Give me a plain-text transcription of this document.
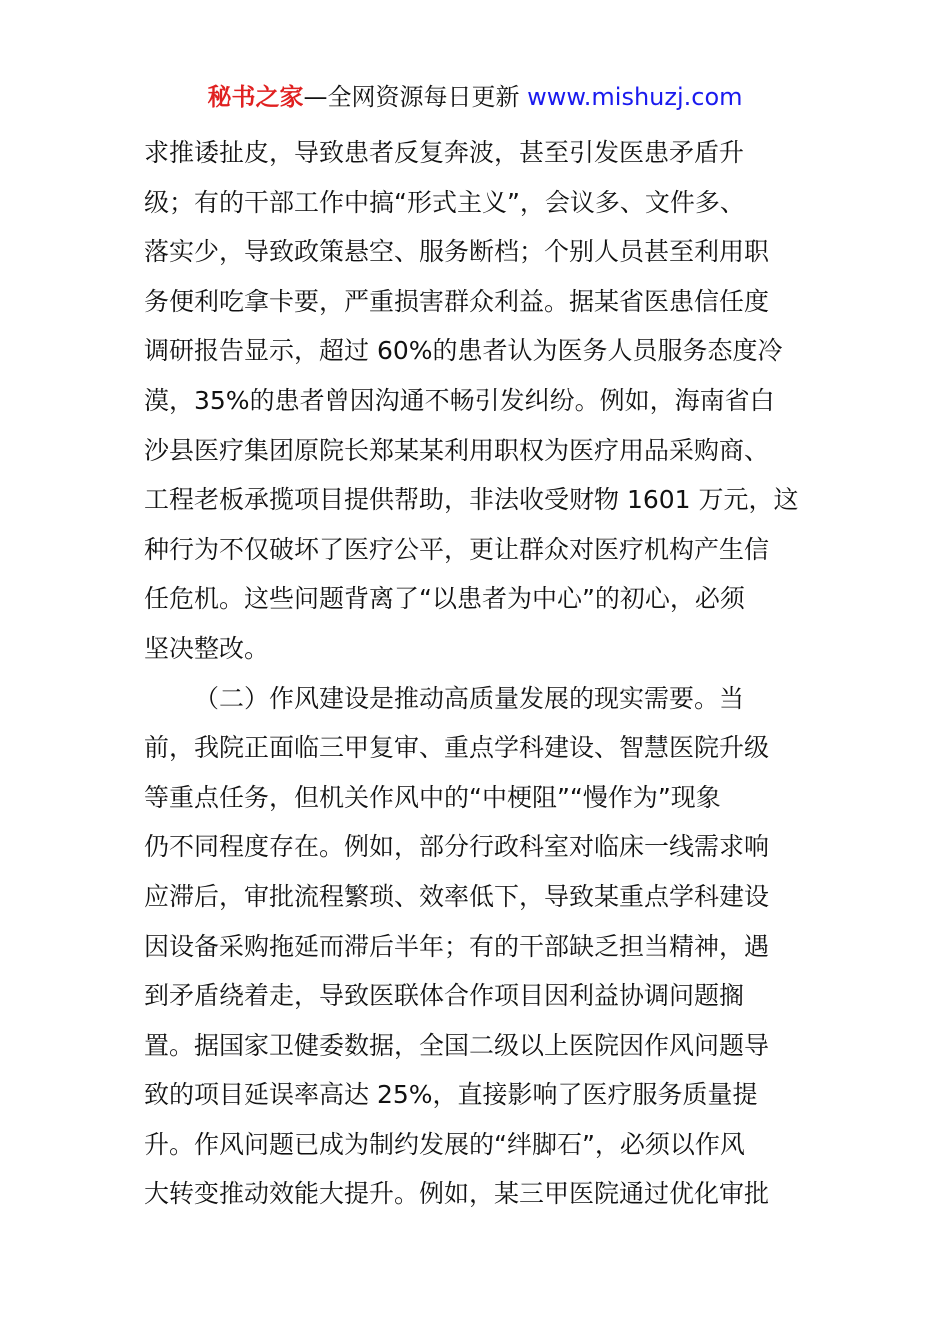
秘书之家—全网资源每日更新 www.mishuzj.com
求推诿扯皮，导致患者反复奔波，甚至引发医患矛盾升
级；有的干部工作中搞“形式主义”，会议多、文件多、
落实少，导致政策悬空、服务断档；个别人员甚至利用职
务便利吃拿卡要，严重损害群众利益。据某省医患信任度
调研报告显示，超过 60%的患者认为医务人员服务态度冷
漠，35%的患者曾因沟通不畅引发纠纷。例如，海南省白
沙县医疗集团原院长郑某某利用职权为医疗用品采购商、
工程老板承揽项目提供帮助，非法收受财物 1601 万元，这
种行为不仅破坏了医疗公平，更让群众对医疗机构产生信
任危机。这些问题背离了“以患者为中心”的初心，必须
坚决整改。
（二）作风建设是推动高质量发展的现实需要。当
前，我院正面临三甲复审、重点学科建设、智慧医院升级
等重点任务，但机关作风中的“中梗阻”“慢作为”现象
仍不同程度存在。例如，部分行政科室对临床一线需求响
应滞后，审批流程繁琐、效率低下，导致某重点学科建设
因设备采购拖延而滞后半年；有的干部缺乏担当精神，遇
到矛盾绕着走，导致医联体合作项目因利益协调问题搁
置。据国家卫健委数据，全国二级以上医院因作风问题导
致的项目延误率高达 25%，直接影响了医疗服务质量提
升。作风问题已成为制约发展的“绊脚石”，必须以作风
大转变推动效能大提升。例如，某三甲医院通过优化审批
